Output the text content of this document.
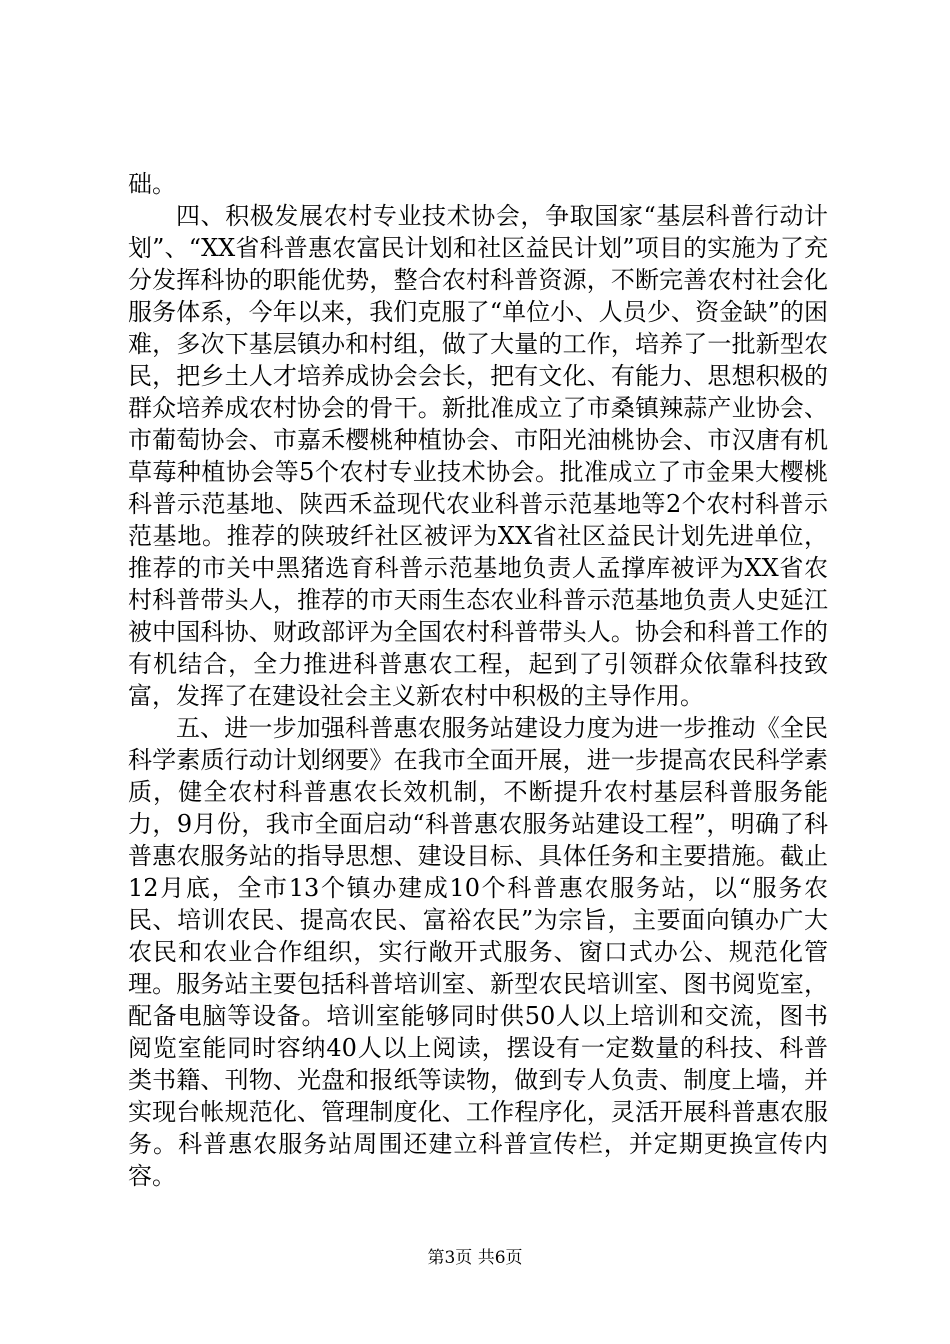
础。

四、积极发展农村专业技术协会，争取国家“基层科普行动计划”、“XX省科普惠农富民计划和社区益民计划”项目的实施为了充分发挥科协的职能优势，整合农村科普资源，不断完善农村社会化服务体系，今年以来，我们克服了“单位小、人员少、资金缺”的困难，多次下基层镇办和村组，做了大量的工作，培养了一批新型农民，把乡土人才培养成协会会长，把有文化、有能力、思想积极的群众培养成农村协会的骨干。新批准成立了市桑镇辣蒜产业协会、市葡萄协会、市嘉禾樱桃种植协会、市阳光油桃协会、市汉唐有机草莓种植协会等5个农村专业技术协会。批准成立了市金果大樱桃科普示范基地、陕西禾益现代农业科普示范基地等2个农村科普示范基地。推荐的陕玻纤社区被评为XX省社区益民计划先进单位，推荐的市关中黑猪选育科普示范基地负责人孟撑库被评为XX省农村科普带头人，推荐的市天雨生态农业科普示范基地负责人史延江被中国科协、财政部评为全国农村科普带头人。协会和科普工作的有机结合，全力推进科普惠农工程，起到了引领群众依靠科技致富，发挥了在建设社会主义新农村中积极的主导作用。

五、进一步加强科普惠农服务站建设力度为进一步推动《全民科学素质行动计划纲要》在我市全面开展，进一步提高农民科学素质，健全农村科普惠农长效机制，不断提升农村基层科普服务能力，9月份，我市全面启动“科普惠农服务站建设工程”，明确了科普惠农服务站的指导思想、建设目标、具体任务和主要措施。截止12月底，全市13个镇办建成10个科普惠农服务站，以“服务农民、培训农民、提高农民、富裕农民”为宗旨，主要面向镇办广大农民和农业合作组织，实行敞开式服务、窗口式办公、规范化管理。服务站主要包括科普培训室、新型农民培训室、图书阅览室，配备电脑等设备。培训室能够同时供50人以上培训和交流，图书阅览室能同时容纳40人以上阅读，摆设有一定数量的科技、科普类书籍、刊物、光盘和报纸等读物，做到专人负责、制度上墙，并实现台帐规范化、管理制度化、工作程序化，灵活开展科普惠农服务。科普惠农服务站周围还建立科普宣传栏，并定期更换宣传内容。

第3页 共6页
